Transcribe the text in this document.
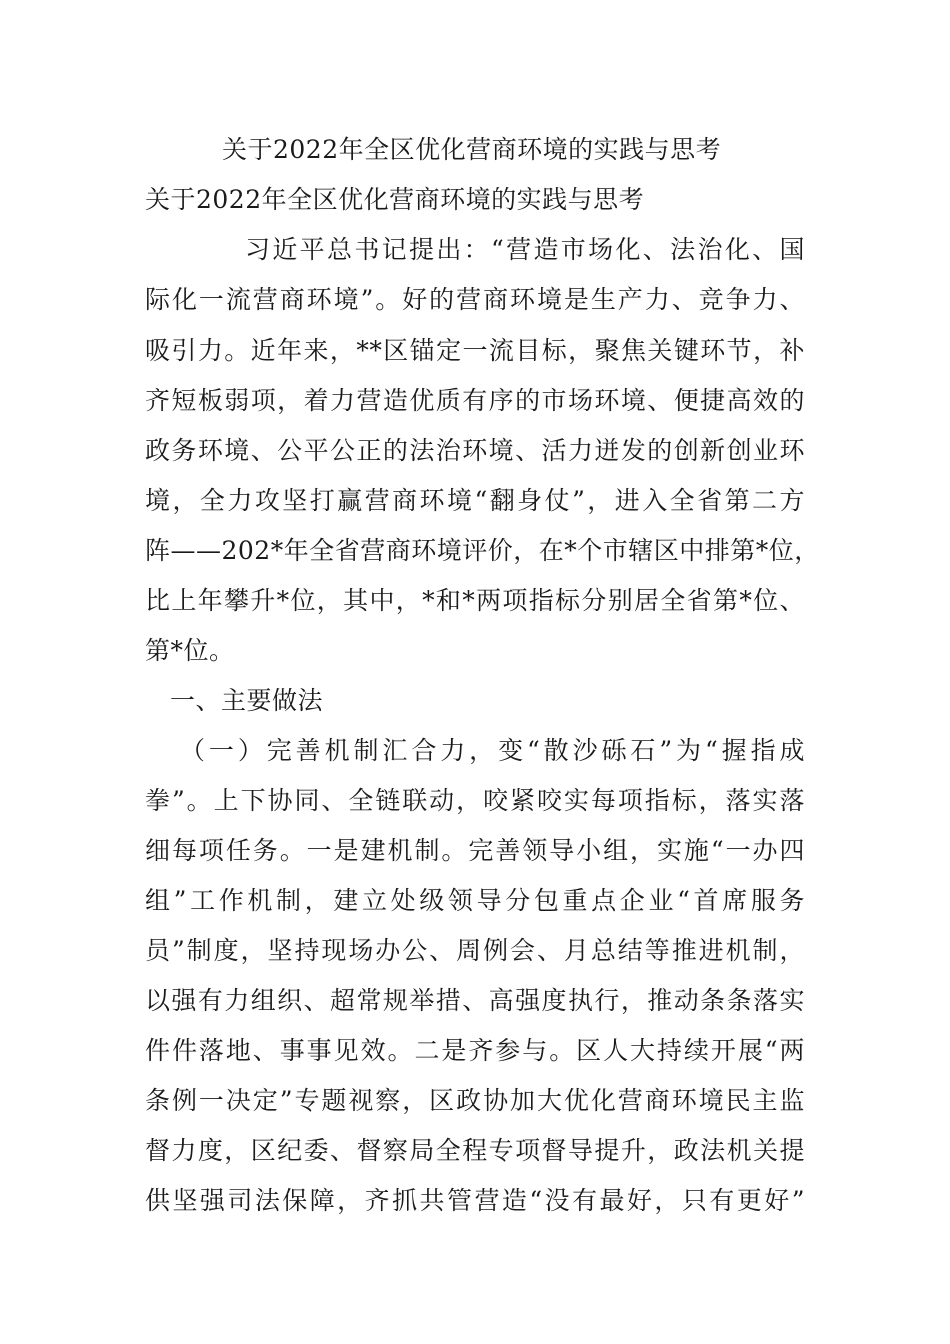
关于2022年全区优化营商环境的实践与思考
关于2022年全区优化营商环境的实践与思考
习近平总书记提出：“营造市场化、法治化、国
际化一流营商环境”。好的营商环境是生产力、竞争力、
吸引力。近年来，**区锚定一流目标，聚焦关键环节，补
齐短板弱项，着力营造优质有序的市场环境、便捷高效的
政务环境、公平公正的法治环境、活力迸发的创新创业环
境，全力攻坚打赢营商环境“翻身仗”，进入全省第二方
阵——202*年全省营商环境评价，在*个市辖区中排第*位，
比上年攀升*位，其中，*和*两项指标分别居全省第*位、
第*位。
一、主要做法
（一）完善机制汇合力，变“散沙砾石”为“握指成
拳”。上下协同、全链联动，咬紧咬实每项指标，落实落
细每项任务。一是建机制。完善领导小组，实施“一办四
组”工作机制，建立处级领导分包重点企业“首席服务
员”制度，坚持现场办公、周例会、月总结等推进机制，
以强有力组织、超常规举措、高强度执行，推动条条落实
件件落地、事事见效。二是齐参与。区人大持续开展“两
条例一决定”专题视察，区政协加大优化营商环境民主监
督力度，区纪委、督察局全程专项督导提升，政法机关提
供坚强司法保障，齐抓共管营造“没有最好，只有更好”
